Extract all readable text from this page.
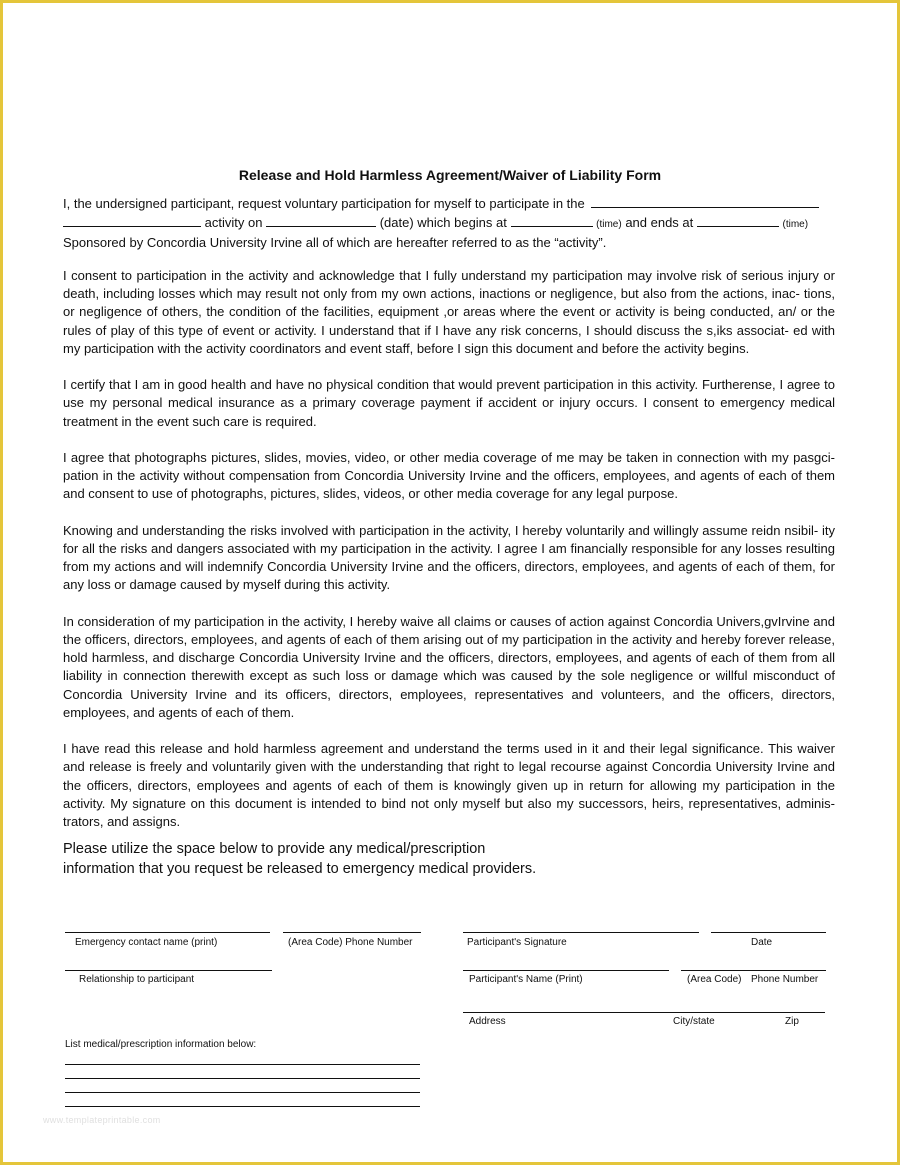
Release and Hold Harmless Agreement/Waiver of Liability Form
I, the undersigned participant, request voluntary participation for myself to participate in the
activity on	(date) which begins at	(time) and ends at	(time)
Sponsored by Concordia University Irvine all of which are hereafter referred to as the “activity”.

I consent to participation in the activity and acknowledge that I fully understand my participation may involve risk of serious injury or death, including losses which may result not only from my own actions, inactions or negligence, but also from the actions, inac- tions, or negligence of others, the condition of the facilities, equipment ,or areas where the event or activity is being conducted, an/ or the rules of play of this type of event or activity. I understand that if I have any risk concerns, I should discuss the s,iks associat- ed with my participation with the activity coordinators and event staff, before I sign this document and before the activity begins.

I certify that I am in good health and have no physical condition that would prevent participation in this activity. Furtherense, I agree to use my personal medical insurance as a primary coverage payment if accident or injury occurs. I consent to emergency medical treatment in the event such care is required.

I agree that photographs pictures, slides, movies, video, or other media coverage of me may be taken in connection with my pasgci- pation in the activity without compensation from Concordia University Irvine and the officers, employees, and agents of each of them and consent to use of photographs, pictures, slides, videos, or other media coverage for any legal purpose.

Knowing and understanding the risks involved with participation in the activity, I hereby voluntarily and willingly assume reidn nsibil- ity for all the risks and dangers associated with my participation in the activity. I agree I am financially responsible for any losses resulting from my actions and will indemnify Concordia University Irvine and the officers, directors, employees, and agents of each of them, for any loss or damage caused by myself during this activity.

In consideration of my participation in the activity, I hereby waive all claims or causes of action against Concordia Univers,gvIrvine and the officers, directors, employees, and agents of each of them arising out of my participation in the activity and hereby forever release, hold harmless, and discharge Concordia University Irvine and the officers, directors, employees, and agents of each of them from all liability in connection therewith except as such loss or damage which was caused by the sole negligence or willful misconduct of Concordia University Irvine and its officers, directors, employees, representatives and volunteers, and the officers, directors, employees, and agents of each of them.

I have read this release and hold harmless agreement and understand the terms used in it and their legal significance. This waiver and release is freely and voluntarily given with the understanding that right to legal recourse against Concordia University Irvine and the officers, directors, employees and agents of each of them is knowingly given up in return for allowing my participation in the activity. My signature on this document is intended to bind not only myself but also my successors, heirs, representatives, adminis- trators, and assigns.

Please utilize the space below to provide any medical/prescription
information that you request be released to emergency medical providers.
Emergency contact name (print)	(Area Code) Phone Number	Participant's Signature	Date
Relationship to participant	Participant's Name (Print)	(Area Code) Phone Number
Address	City/state	Zip
List medical/prescription information below:
www.templateprintable.com
